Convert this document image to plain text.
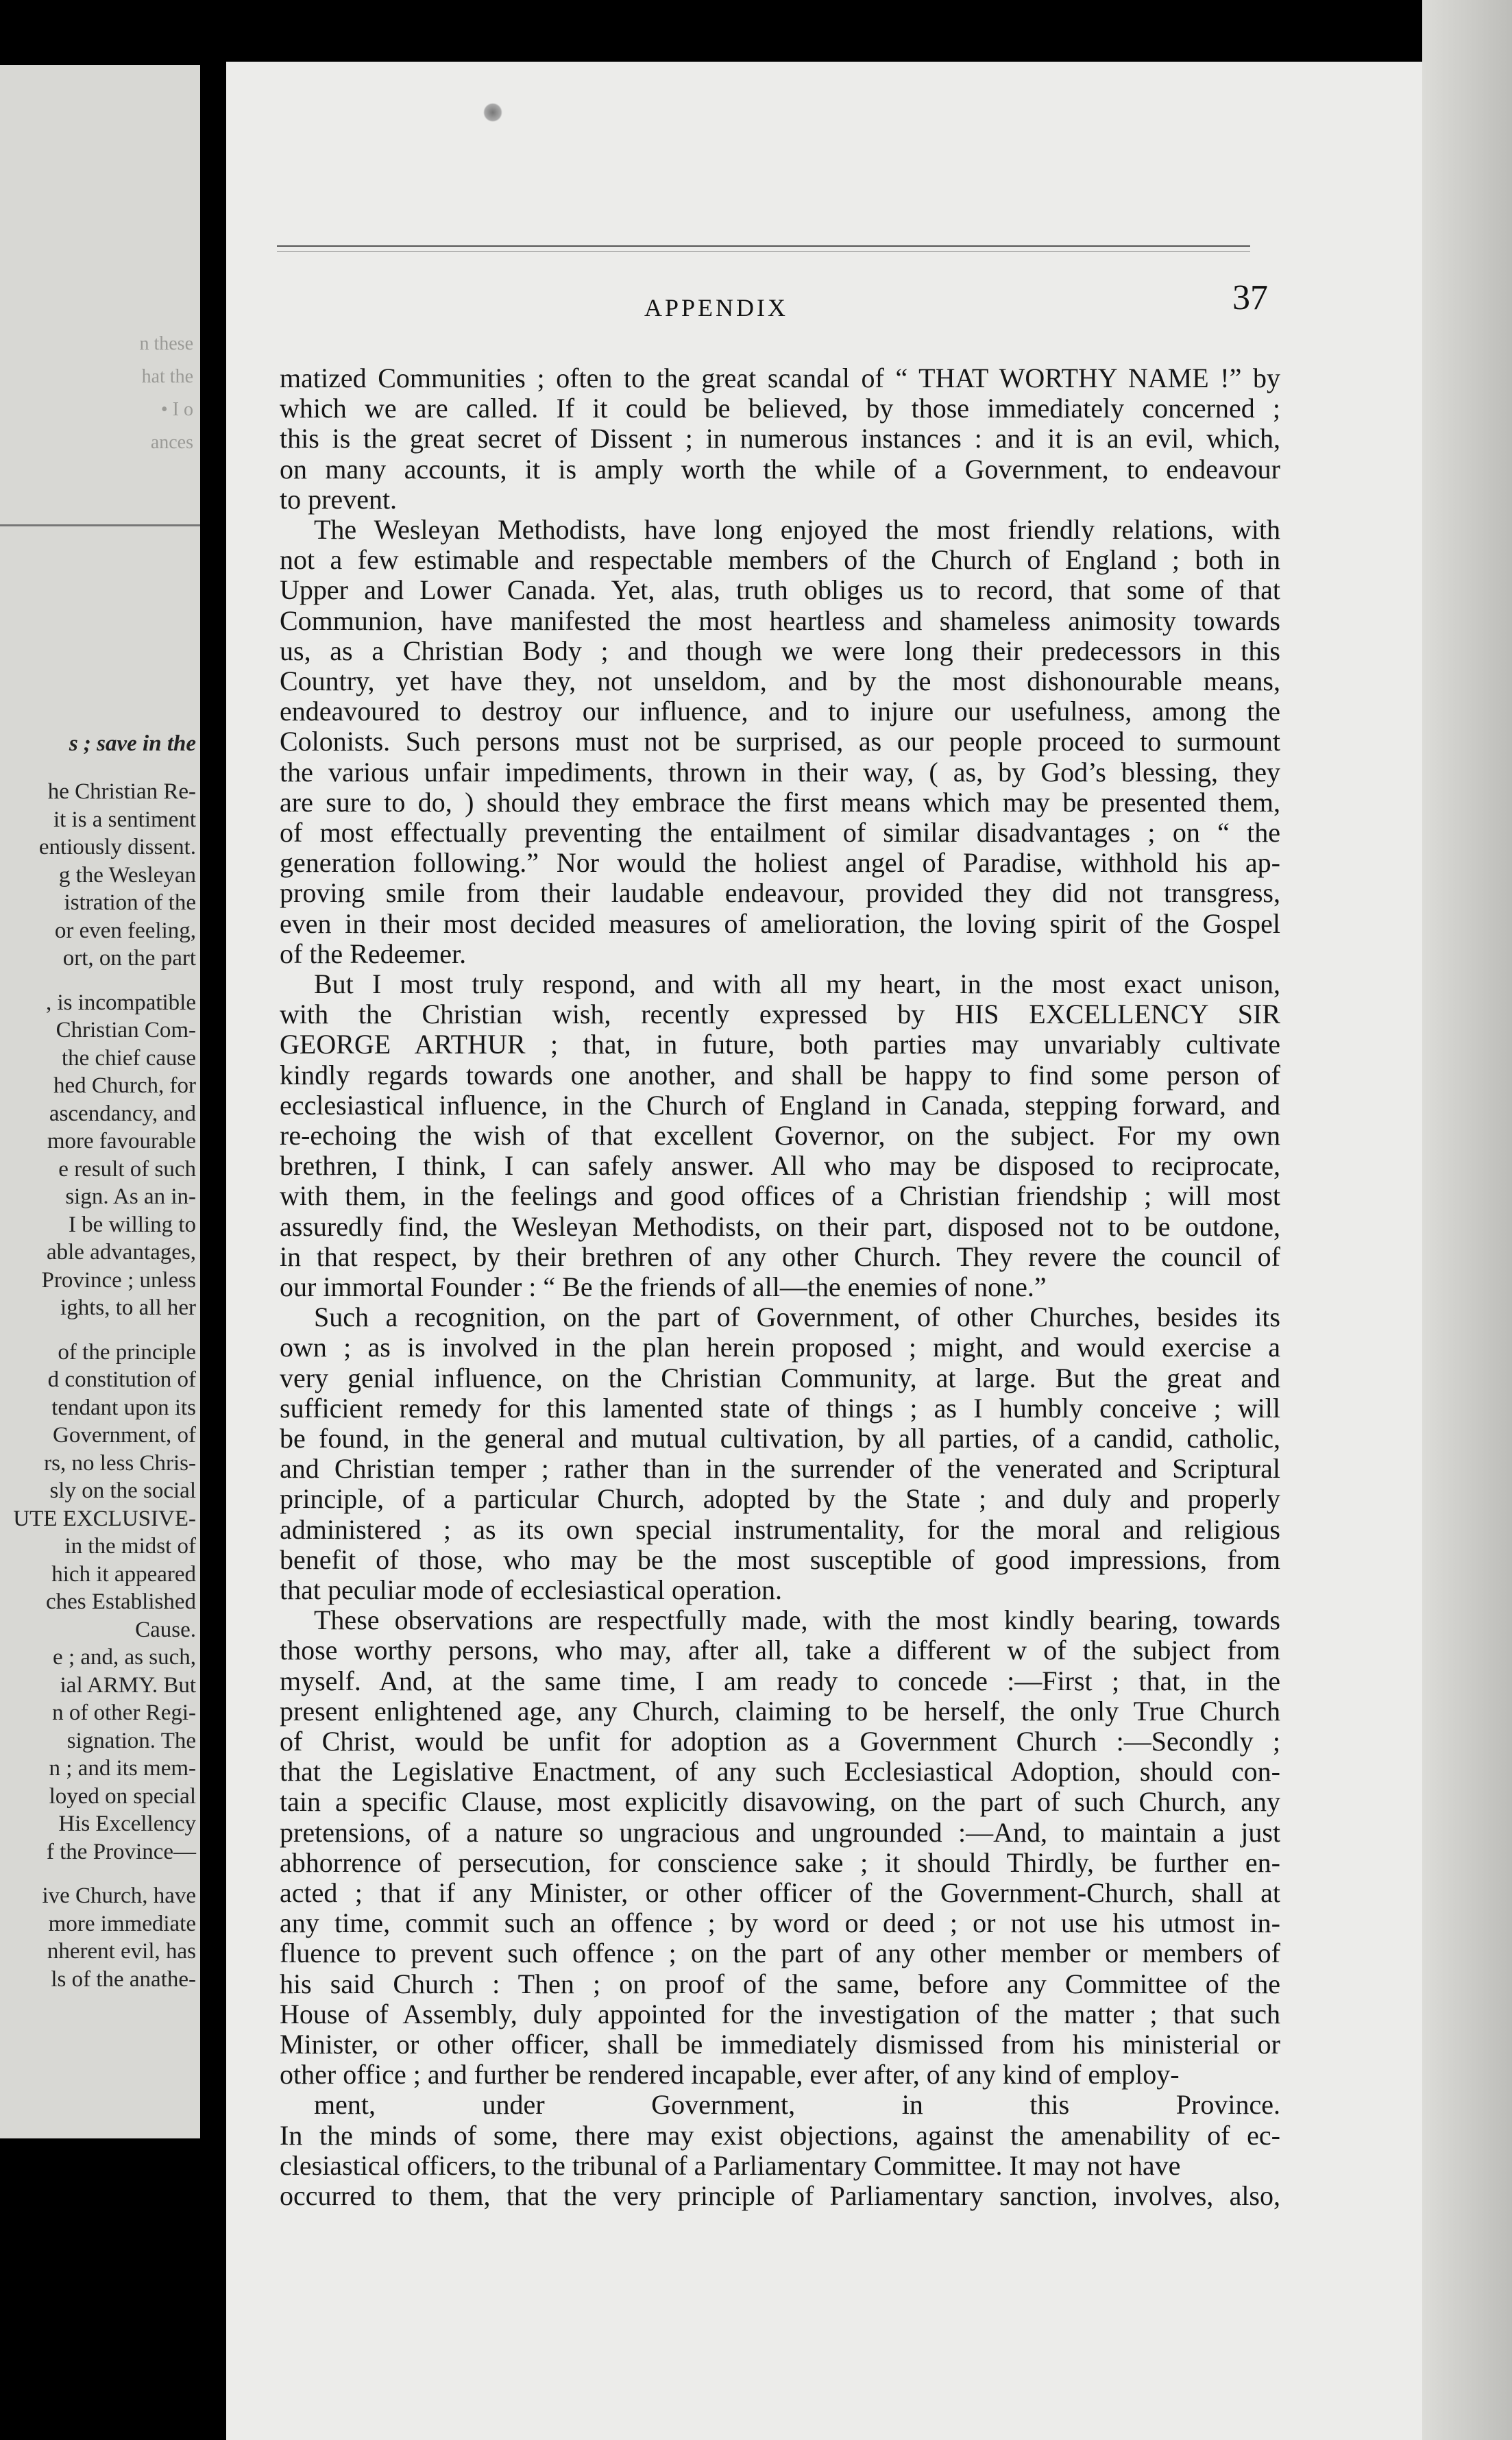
n these
hat the
• I o
ances
s ; save in the
he Christian Re-
it is a sentiment
entiously dissent.
g the Wesleyan
istration of the
or even feeling,
ort, on the part
, is incompatible
Christian Com-
the chief cause
hed Church, for
ascendancy, and
more favourable
e result of such
sign. As an in-
I be willing to
able advantages,
Province ; unless
ights, to all her
of the principle
d constitution of
tendant upon its
Government, of
rs, no less Chris-
sly on the social
UTE EXCLUSIVE-
in the midst of
hich it appeared
ches Established
Cause.
e ; and, as such,
ial ARMY. But
n of other Regi-
signation. The
n ; and its mem-
loyed on special
His Excellency
f the Province—
ive Church, have
more immediate
nherent evil, has
ls of the anathe-
APPENDIX	37
matized Communities ; often to the great scandal of “ THAT WORTHY NAME !” by
which we are called. If it could be believed, by those immediately concerned ;
this is the great secret of Dissent ; in numerous instances : and it is an evil, which,
on many accounts, it is amply worth the while of a Government, to endeavour
to prevent.
The Wesleyan Methodists, have long enjoyed the most friendly relations, with
not a few estimable and respectable members of the Church of England ; both in
Upper and Lower Canada. Yet, alas, truth obliges us to record, that some of that
Communion, have manifested the most heartless and shameless animosity towards
us, as a Christian Body ; and though we were long their predecessors in this
Country, yet have they, not unseldom, and by the most dishonourable means,
endeavoured to destroy our influence, and to injure our usefulness, among the
Colonists. Such persons must not be surprised, as our people proceed to surmount
the various unfair impediments, thrown in their way, ( as, by God’s blessing, they
are sure to do, ) should they embrace the first means which may be presented them,
of most effectually preventing the entailment of similar disadvantages ; on “ the
generation following.” Nor would the holiest angel of Paradise, withhold his ap-
proving smile from their laudable endeavour, provided they did not transgress,
even in their most decided measures of amelioration, the loving spirit of the Gospel
of the Redeemer.
But I most truly respond, and with all my heart, in the most exact unison,
with the Christian wish, recently expressed by HIS EXCELLENCY SIR
GEORGE ARTHUR ; that, in future, both parties may unvariably cultivate
kindly regards towards one another, and shall be happy to find some person of
ecclesiastical influence, in the Church of England in Canada, stepping forward, and
re-echoing the wish of that excellent Governor, on the subject. For my own
brethren, I think, I can safely answer. All who may be disposed to reciprocate,
with them, in the feelings and good offices of a Christian friendship ; will most
assuredly find, the Wesleyan Methodists, on their part, disposed not to be outdone,
in that respect, by their brethren of any other Church. They revere the council of
our immortal Founder : “ Be the friends of all—the enemies of none.”
Such a recognition, on the part of Government, of other Churches, besides its
own ; as is involved in the plan herein proposed ; might, and would exercise a
very genial influence, on the Christian Community, at large. But the great and
sufficient remedy for this lamented state of things ; as I humbly conceive ; will
be found, in the general and mutual cultivation, by all parties, of a candid, catholic,
and Christian temper ; rather than in the surrender of the venerated and Scriptural
principle, of a particular Church, adopted by the State ; and duly and properly
administered ; as its own special instrumentality, for the moral and religious
benefit of those, who may be the most susceptible of good impressions, from
that peculiar mode of ecclesiastical operation.
These observations are respectfully made, with the most kindly bearing, towards
those worthy persons, who may, after all, take a different w of the subject from
myself. And, at the same time, I am ready to concede :—First ; that, in the
present enlightened age, any Church, claiming to be herself, the only True Church
of Christ, would be unfit for adoption as a Government Church :—Secondly ;
that the Legislative Enactment, of any such Ecclesiastical Adoption, should con-
tain a specific Clause, most explicitly disavowing, on the part of such Church, any
pretensions, of a nature so ungracious and ungrounded :—And, to maintain a just
abhorrence of persecution, for conscience sake ; it should Thirdly, be further en-
acted ; that if any Minister, or other officer of the Government-Church, shall at
any time, commit such an offence ; by word or deed ; or not use his utmost in-
fluence to prevent such offence ; on the part of any other member or members of
his said Church : Then ; on proof of the same, before any Committee of the
House of Assembly, duly appointed for the investigation of the matter ; that such
Minister, or other officer, shall be immediately dismissed from his ministerial or
other office ; and further be rendered incapable, ever after, of any kind of employ-
ment, under Government, in this Province.
In the minds of some, there may exist objections, against the amenability of ec-
clesiastical officers, to the tribunal of a Parliamentary Committee. It may not have
occurred to them, that the very principle of Parliamentary sanction, involves, also,
